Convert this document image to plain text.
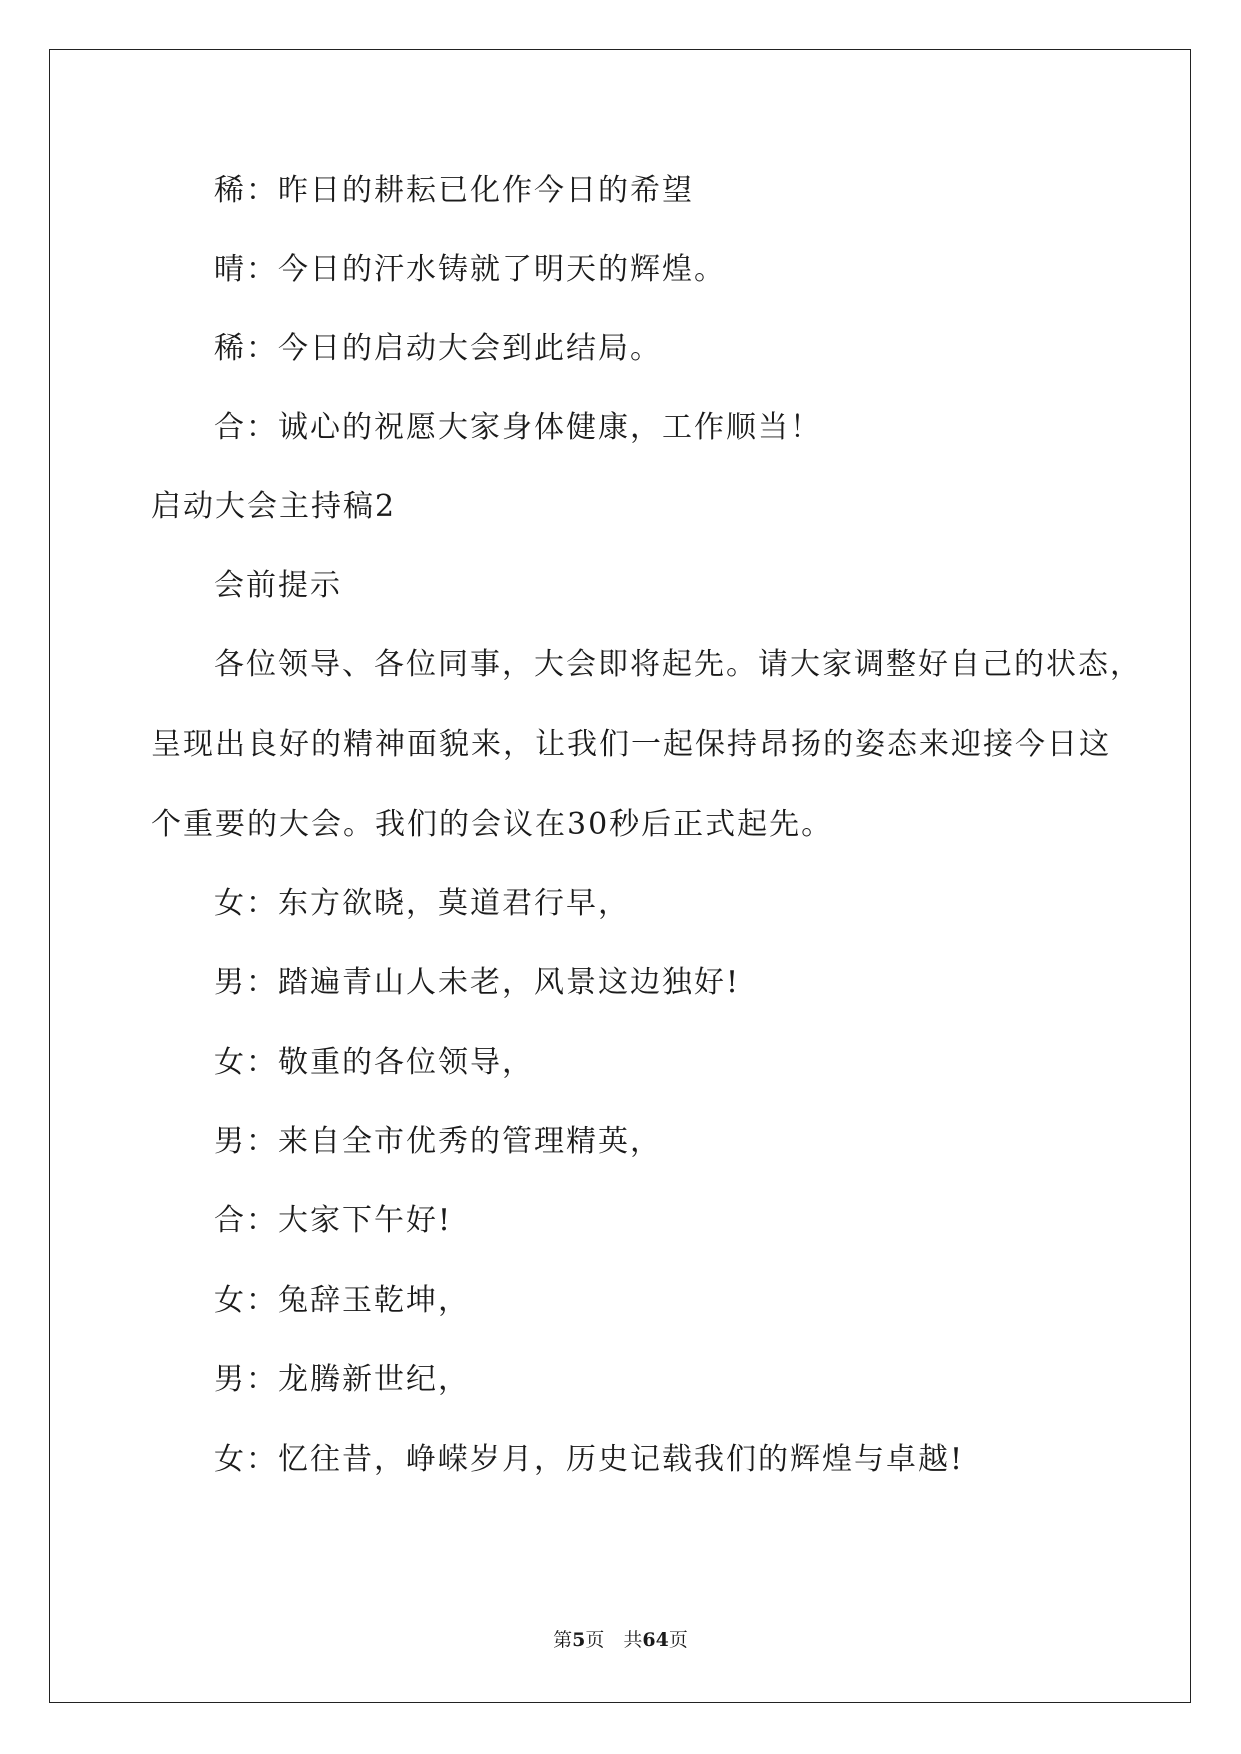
稀：昨日的耕耘已化作今日的希望
晴：今日的汗水铸就了明天的辉煌。
稀：今日的启动大会到此结局。
合：诚心的祝愿大家身体健康，工作顺当！
启动大会主持稿2
会前提示
各位领导、各位同事，大会即将起先。请大家调整好自己的状态，
呈现出良好的精神面貌来，让我们一起保持昂扬的姿态来迎接今日这
个重要的大会。我们的会议在30秒后正式起先。
女：东方欲晓，莫道君行早，
男：踏遍青山人未老，风景这边独好!
女：敬重的各位领导，
男：来自全市优秀的管理精英，
合：大家下午好!
女：兔辞玉乾坤，
男：龙腾新世纪，
女：忆往昔，峥嵘岁月，历史记载我们的辉煌与卓越!
第5页　共64页
